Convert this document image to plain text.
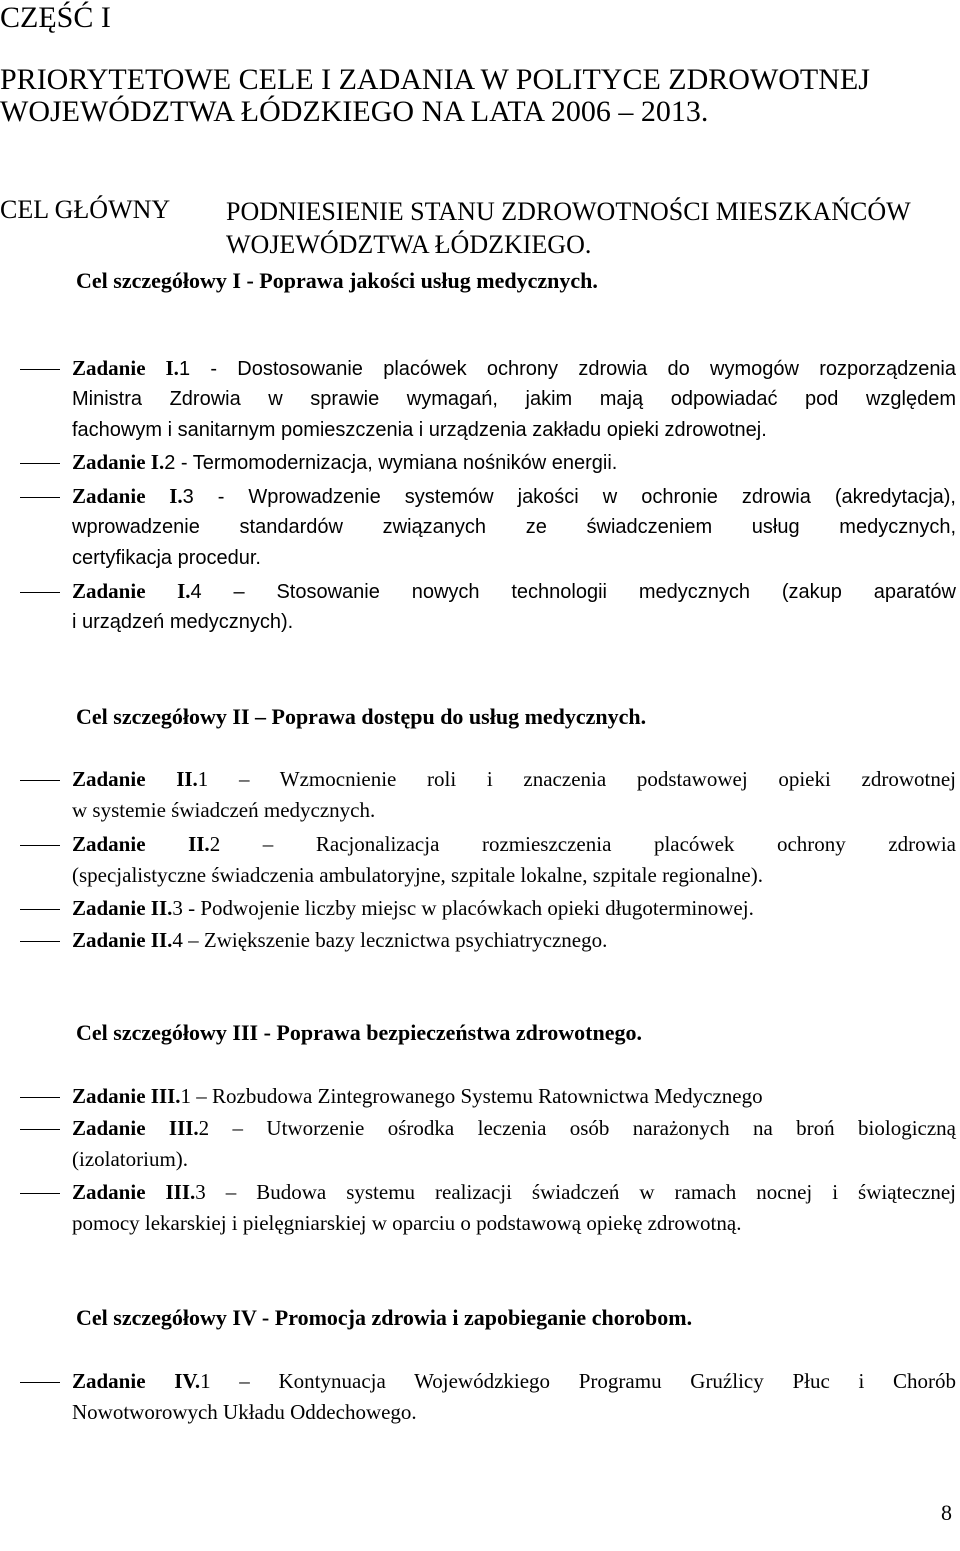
CZĘŚĆ I
PRIORYTETOWE CELE I ZADANIA W POLITYCE ZDROWOTNEJ
WOJEWÓDZTWA ŁÓDZKIEGO NA LATA 2006 – 2013.
CEL GŁÓWNY PODNIESIENIE STANU ZDROWOTNOŚCI MIESZKAŃCÓW
WOJEWÓDZTWA ŁÓDZKIEGO.
Cel szczegółowy I - Poprawa jakości usług medycznych.
Zadanie I.1 - Dostosowanie placówek ochrony zdrowia do wymogów rozporządzenia
Ministra Zdrowia w sprawie wymagań, jakim mają odpowiadać pod względem
fachowym i sanitarnym pomieszczenia i urządzenia zakładu opieki zdrowotnej.
Zadanie I.2 - Termomodernizacja, wymiana nośników energii.
Zadanie I.3 - Wprowadzenie systemów jakości w ochronie zdrowia (akredytacja),
wprowadzenie standardów związanych ze świadczeniem usług medycznych,
certyfikacja procedur.
Zadanie I.4 – Stosowanie nowych technologii medycznych (zakup aparatów
i urządzeń medycznych).
Cel szczegółowy II – Poprawa dostępu do usług medycznych.
Zadanie II.1 – Wzmocnienie roli i znaczenia podstawowej opieki zdrowotnej
w systemie świadczeń medycznych.
Zadanie II.2 – Racjonalizacja rozmieszczenia placówek ochrony zdrowia
(specjalistyczne świadczenia ambulatoryjne, szpitale lokalne, szpitale regionalne).
Zadanie II.3 - Podwojenie liczby miejsc w placówkach opieki długoterminowej.
Zadanie II.4 – Zwiększenie bazy lecznictwa psychiatrycznego.
Cel szczegółowy III - Poprawa bezpieczeństwa zdrowotnego.
Zadanie III.1 – Rozbudowa Zintegrowanego Systemu Ratownictwa Medycznego
Zadanie III.2 – Utworzenie ośrodka leczenia osób narażonych na broń biologiczną
(izolatorium).
Zadanie III.3 – Budowa systemu realizacji świadczeń w ramach nocnej i świątecznej
pomocy lekarskiej i pielęgniarskiej w oparciu o podstawową opiekę zdrowotną.
Cel szczegółowy IV - Promocja zdrowia i zapobieganie chorobom.
Zadanie IV.1 – Kontynuacja Wojewódzkiego Programu Gruźlicy Płuc i Chorób
Nowotworowych Układu Oddechowego.
8
